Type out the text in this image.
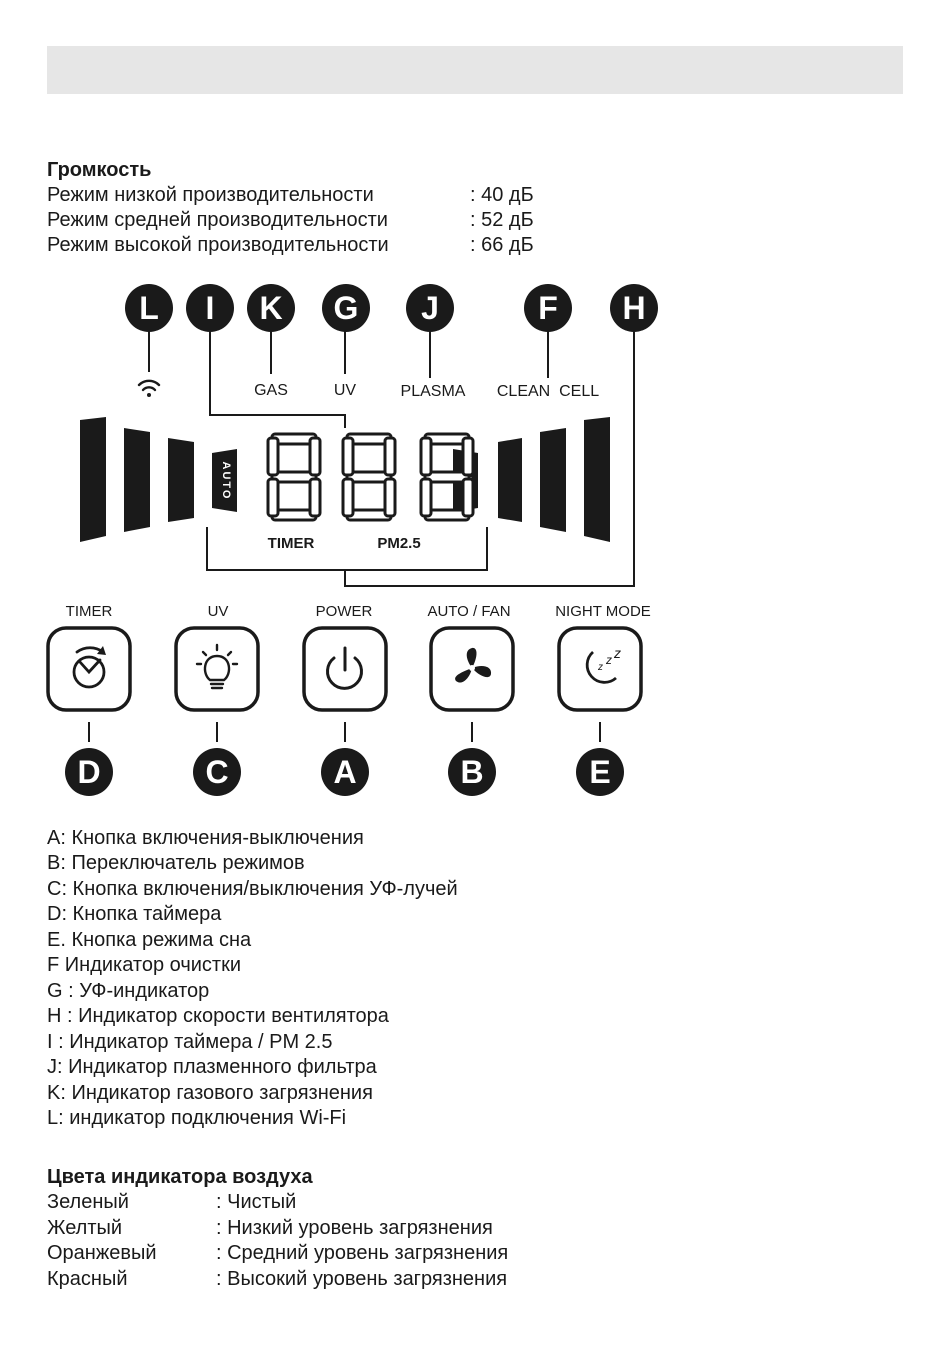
Громкость
Режим низкой производительности	: 40 дБ
Режим средней производительности	: 52 дБ
Режим высокой производительности	: 66 дБ
L I K G J	F H
GAS	UV	PLASMA CLEAN  CELL
AUTO
TIMER	PM2.5
TIMER	UV	POWER	AUTO / FAN	NIGHT MODE
z
z z
D	C	A	B	E
A: Кнопка включения-выключения
B: Переключатель режимов
C: Кнопка включения/выключения УФ-лучей
D: Кнопка таймера
E. Кнопка режима сна
F Индикатор очистки
G : УФ-индикатор
H : Индикатор скорости вентилятора
I : Индикатор таймера / PM 2.5
J: Индикатор плазменного фильтра
K: Индикатор газового загрязнения
L: индикатор подключения Wi-Fi
Цвета индикатора воздуха
Зеленый	: Чистый
Желтый	: Низкий уровень загрязнения
Оранжевый	: Средний уровень загрязнения
Красный	: Высокий уровень загрязнения
